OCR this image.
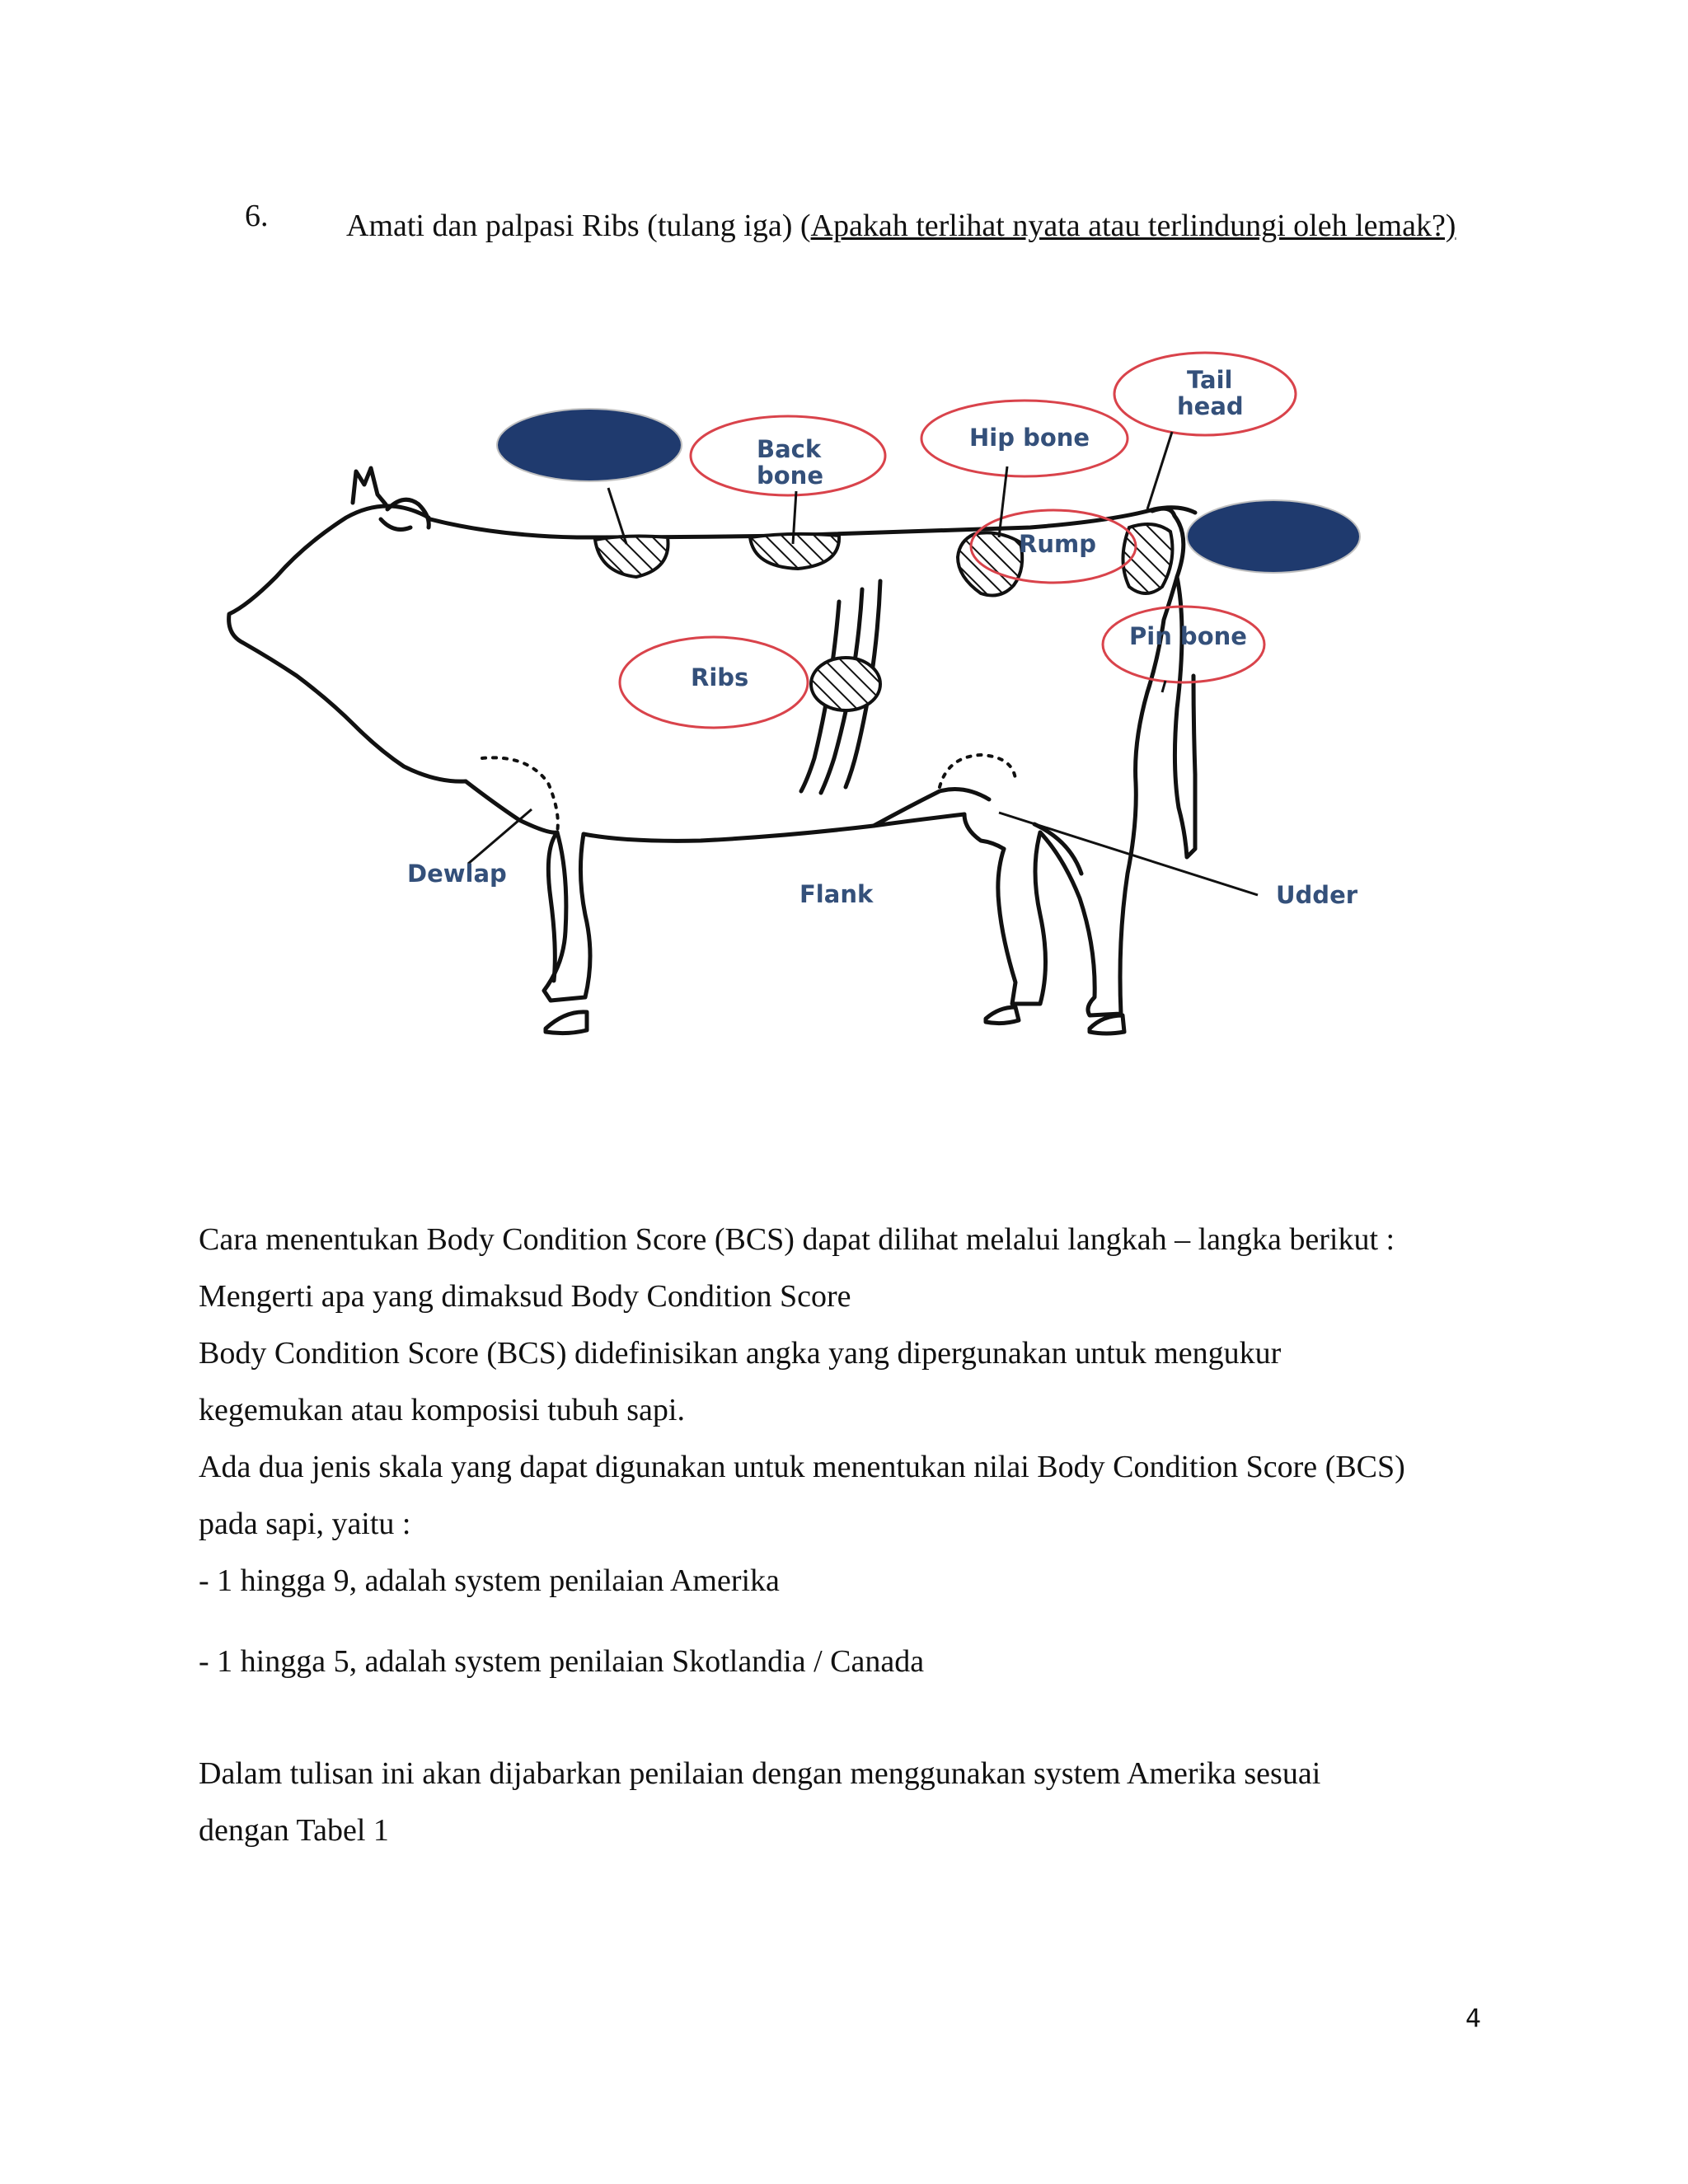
6. Amati dan palpasi Ribs (tulang iga) (Apakah terlihat nyata atau terlindungi oleh lemak?)
Back
bone
Hip bone
Tail
head
Rump
Pin bone
Ribs
Dewlap
Flank	Udder
Cara menentukan Body Condition Score (BCS) dapat dilihat melalui langkah – langka berikut :
Mengerti apa yang dimaksud Body Condition Score
Body Condition Score (BCS) didefinisikan angka yang dipergunakan untuk mengukur
kegemukan atau komposisi tubuh sapi.
Ada dua jenis skala yang dapat digunakan untuk menentukan nilai Body Condition Score (BCS)
pada sapi, yaitu :
- 1 hingga 9, adalah system penilaian Amerika
- 1 hingga 5, adalah system penilaian Skotlandia / Canada
Dalam tulisan ini akan dijabarkan penilaian dengan menggunakan system Amerika sesuai
dengan Tabel 1
4
